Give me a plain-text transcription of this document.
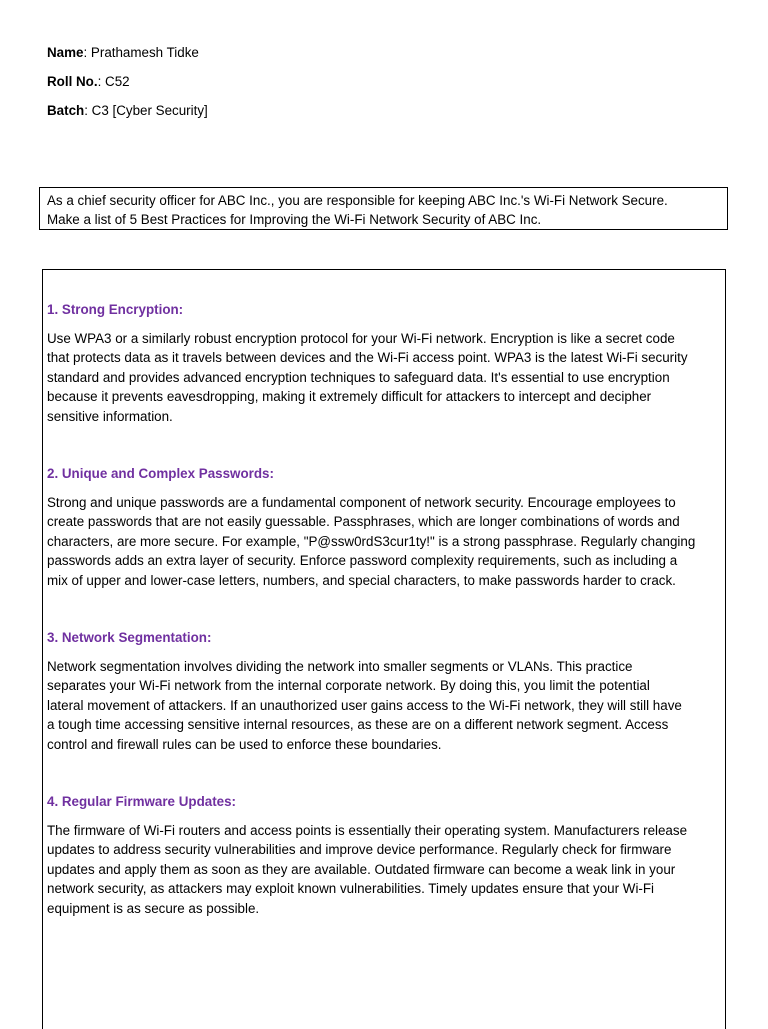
Name: Prathamesh Tidke
Roll No.: C52
Batch: C3 [Cyber Security]

As a chief security officer for ABC Inc., you are responsible for keeping ABC Inc.'s Wi-Fi Network Secure.

Make a list of 5 Best Practices for Improving the Wi-Fi Network Security of ABC Inc.

1. Strong Encryption:

Use WPA3 or a similarly robust encryption protocol for your Wi-Fi network. Encryption is like a secret code
that protects data as it travels between devices and the Wi-Fi access point. WPA3 is the latest Wi-Fi security
standard and provides advanced encryption techniques to safeguard data. It's essential to use encryption
because it prevents eavesdropping, making it extremely difficult for attackers to intercept and decipher
sensitive information.

2. Unique and Complex Passwords:

Strong and unique passwords are a fundamental component of network security. Encourage employees to
create passwords that are not easily guessable. Passphrases, which are longer combinations of words and
characters, are more secure. For example, "P@ssw0rdS3cur1ty!" is a strong passphrase. Regularly changing
passwords adds an extra layer of security. Enforce password complexity requirements, such as including a
mix of upper and lower-case letters, numbers, and special characters, to make passwords harder to crack.

3. Network Segmentation:

Network segmentation involves dividing the network into smaller segments or VLANs. This practice
separates your Wi-Fi network from the internal corporate network. By doing this, you limit the potential
lateral movement of attackers. If an unauthorized user gains access to the Wi-Fi network, they will still have
a tough time accessing sensitive internal resources, as these are on a different network segment. Access
control and firewall rules can be used to enforce these boundaries.

4. Regular Firmware Updates:

The firmware of Wi-Fi routers and access points is essentially their operating system. Manufacturers release
updates to address security vulnerabilities and improve device performance. Regularly check for firmware
updates and apply them as soon as they are available. Outdated firmware can become a weak link in your
network security, as attackers may exploit known vulnerabilities. Timely updates ensure that your Wi-Fi
equipment is as secure as possible.
